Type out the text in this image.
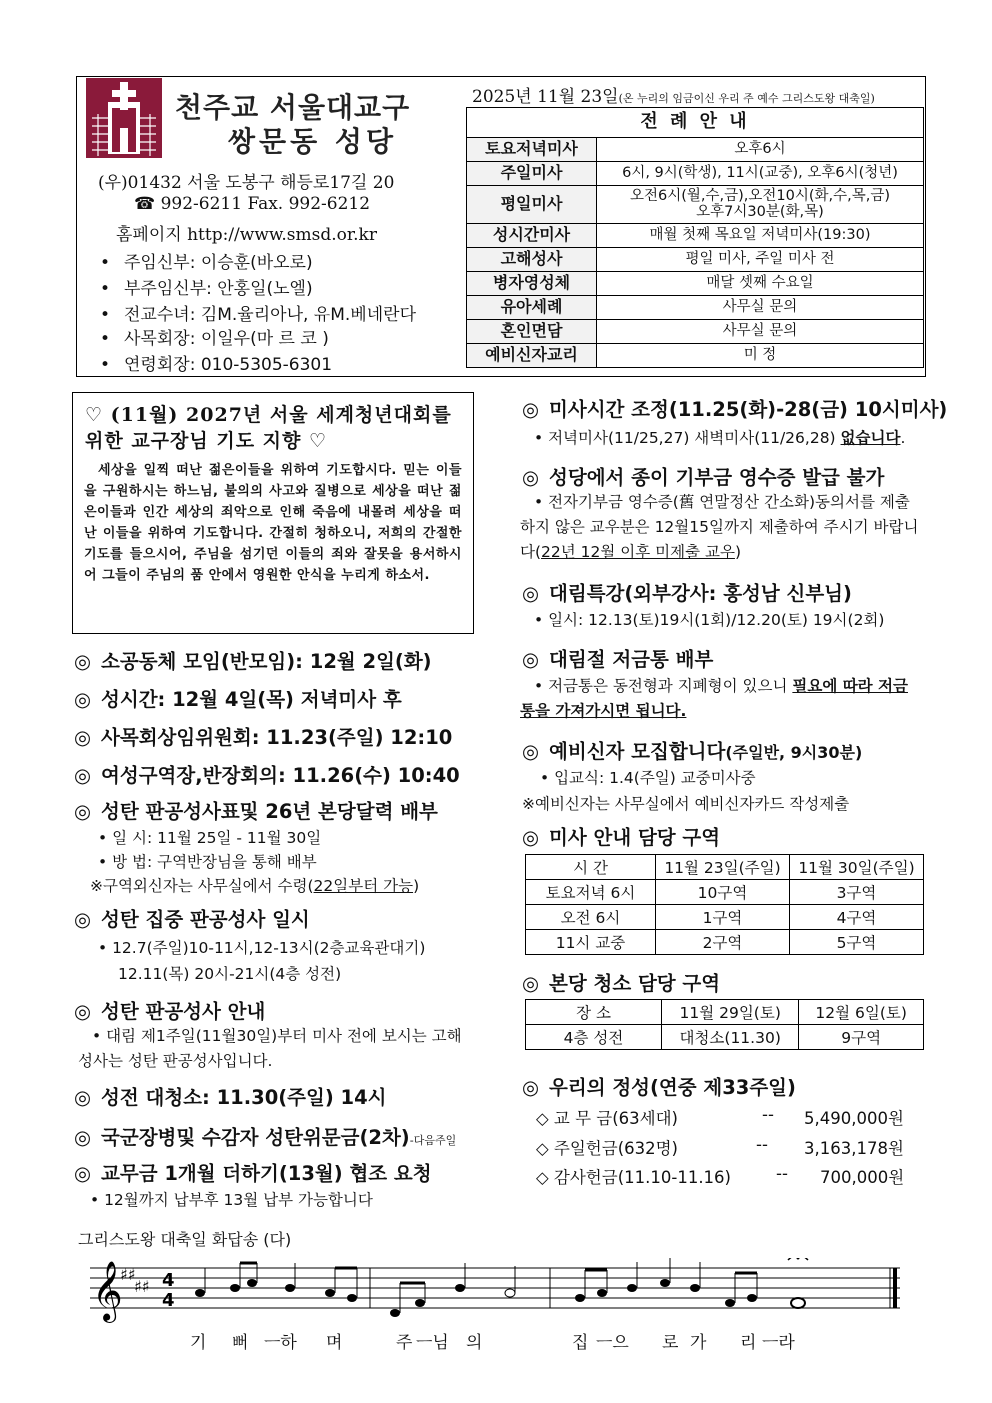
천주교 서울대교구
쌍문동 성당
(우)01432 서울 도봉구 해등로17길 20
☎ 992-6211 Fax. 992-6212
홈페이지 http://www.smsd.or.kr
• 주임신부: 이승훈(바오로)
• 부주임신부: 안홍일(노엘)
• 전교수녀: 김M.율리아나, 유M.베네란다
• 사목회장: 이일우(마 르 코 )
• 연령회장: 010-5305-6301
2025년 11월 23일(온 누리의 임금이신 우리 주 예수 그리스도왕 대축일)
전 례 안 내	
토요저녁미사	오후6시
주일미사	6시, 9시(학생), 11시(교중), 오후6시(청년)
평일미사	오전6시(월,수,금),오전10시(화,수,목,금)
오후7시30분(화,목)

성시간미사	매월 첫째 목요일 저녁미사(19:30)
고해성사	평일 미사, 주일 미사 전
병자영성체	매달 셋째 수요일
유아세례	사무실 문의
혼인면담	사무실 문의
예비신자교리	미 정
♡ (11월) 2027년 서울 세계청년대회를 위한 교구장님 기도 지향 ♡
세상을 일찍 떠난 젊은이들을 위하여 기도합시다. 믿는 이들을 구원하시는 하느님, 불의의 사고와 질병으로 세상을 떠난 젊은이들과 인간 세상의 죄악으로 인해 죽음에 내몰려 세상을 떠난 이들을 위하여 기도합니다. 간절히 청하오니, 저희의 간절한 기도를 들으시어, 주님을 섬기던 이들의 죄와 잘못을 용서하시어 그들이 주님의 품 안에서 영원한 안식을 누리게 하소서.
◎ 소공동체 모임(반모임): 12월 2일(화)
◎ 성시간: 12월 4일(목) 저녁미사 후
◎ 사목회상임위원회: 11.23(주일) 12:10
◎ 여성구역장,반장회의: 11.26(수) 10:40
◎ 성탄 판공성사표및 26년 본당달력 배부
• 일 시: 11월 25일 - 11월 30일
• 방 법: 구역반장님을 통해 배부
※구역외신자는 사무실에서 수령(22일부터 가능)
◎ 성탄 집중 판공성사 일시
• 12.7(주일)10-11시,12-13시(2층교육관대기)
12.11(목) 20시-21시(4층 성전)
◎ 성탄 판공성사 안내
• 대림 제1주일(11월30일)부터 미사 전에 보시는 고해성사는 성탄 판공성사입니다.
◎ 성전 대청소: 11.30(주일) 14시
◎ 국군장병및 수감자 성탄위문금(2차)-다음주일
◎ 교무금 1개월 더하기(13월) 협조 요청
• 12월까지 납부후 13월 납부 가능합니다
◎ 미사시간 조정(11.25(화)-28(금) 10시미사)
• 저녁미사(11/25,27) 새벽미사(11/26,28) 없습니다.
◎ 성당에서 종이 기부금 영수증 발급 불가
• 전자기부금 영수증(舊 연말정산 간소화)동의서를 제출하지 않은 교우분은 12월15일까지 제출하여 주시기 바랍니다(22년 12월 이후 미제출 교우)
◎ 대림특강(외부강사: 홍성남 신부님)
• 일시: 12.13(토)19시(1회)/12.20(토) 19시(2회)
◎ 대림절 저금통 배부
• 저금통은 동전형과 지폐형이 있으니 필요에 따라 저금통을 가져가시면 됩니다.
◎ 예비신자 모집합니다(주일반, 9시30분)
• 입교식: 1.4(주일) 교중미사중
※예비신자는 사무실에서 예비신자카드 작성제출
◎ 미사 안내 담당 구역
시 간	11월 23일(주일)	11월 30일(주일)
토요저녁 6시	10구역	3구역
오전 6시	1구역	4구역
11시 교중	2구역	5구역
◎ 본당 청소 담당 구역
장 소	11월 29일(토)	12월 6일(토)
4층 성전	대청소(11.30)	9구역
◎ 우리의 정성(연중 제33주일)
◇ 교 무 금(63세대)	-- 5,490,000원
◇ 주일헌금(632명)	-- 3,163,178원
◇ 감사헌금(11.10-11.16)	-- 700,000원
그리스도왕 대축일 화답송 (다)
𝄞
♯♯
♯♯ 4
4
기 뻐 ㅡ하 며	주 ㅡ님 의	집 ㅡ으 로 가 리 ㅡ라
